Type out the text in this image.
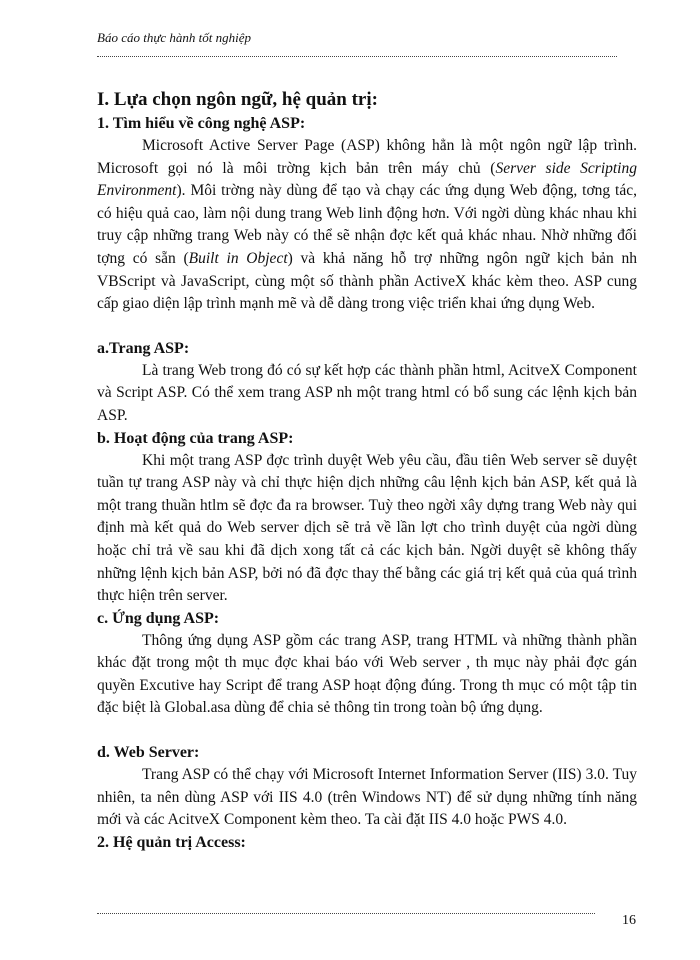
Báo cáo thực hành tốt nghiệp
I. Lựa chọn ngôn ngữ, hệ quản trị:
1. Tìm hiểu về công nghệ ASP:

Microsoft Active Server Page (ASP) không hẳn là một ngôn ngữ lập trình. Microsoft gọi nó là môi trờng kịch bản trên máy chủ (Server side Scripting Environment). Môi trờng này dùng để tạo và chạy các ứng dụng Web động, tơng tác, có hiệu quả cao, làm nội dung trang Web linh động hơn. Với ngời dùng khác nhau khi truy cập những trang Web này có thể sẽ nhận đợc kết quả khác nhau. Nhờ những đối tợng có sẵn (Built in Object) và khả năng hỗ trợ những ngôn ngữ kịch bản nh VBScript và JavaScript, cùng một số thành phần ActiveX khác kèm theo. ASP cung cấp giao diện lập trình mạnh mẽ và dễ dàng trong việc triển khai ứng dụng Web.

a.Trang ASP:

Là trang Web trong đó có sự kết hợp các thành phần html, AcitveX Component và Script ASP. Có thể xem trang ASP nh một trang html có bổ sung các lệnh kịch bản ASP.

b. Hoạt động của trang ASP:

Khi một trang ASP đợc trình duyệt Web yêu cầu, đầu tiên Web server sẽ duyệt tuần tự trang ASP này và chỉ thực hiện dịch những câu lệnh kịch bản ASP, kết quả là một trang thuần htlm sẽ đợc đa ra browser. Tuỳ theo ngời xây dựng trang Web này qui định mà kết quả do Web server dịch sẽ trả về lần lợt cho trình duyệt của ngời dùng hoặc chỉ trả về sau khi đã dịch xong tất cả các kịch bản. Ngời duyệt sẽ không thấy những lệnh kịch bản ASP, bởi nó đã đợc thay thế bằng các giá trị kết quả của quá trình thực hiện trên server.

c. Ứng dụng ASP:

Thông ứng dụng ASP gồm các trang ASP, trang HTML và những thành phần khác đặt trong một th mục đợc khai báo với Web server , th mục này phải đợc gán quyền Excutive hay Script để trang ASP hoạt động đúng. Trong th mục có một tập tin đặc biệt là Global.asa dùng để chia sẻ thông tin trong toàn bộ ứng dụng.

d. Web Server:

Trang ASP có thể chạy với Microsoft Internet Information Server (IIS) 3.0. Tuy nhiên, ta nên dùng ASP với IIS 4.0 (trên Windows NT) để sử dụng những tính năng mới và các AcitveX Component kèm theo. Ta cài đặt IIS 4.0 hoặc PWS 4.0.

2. Hệ quản trị Access:
16
